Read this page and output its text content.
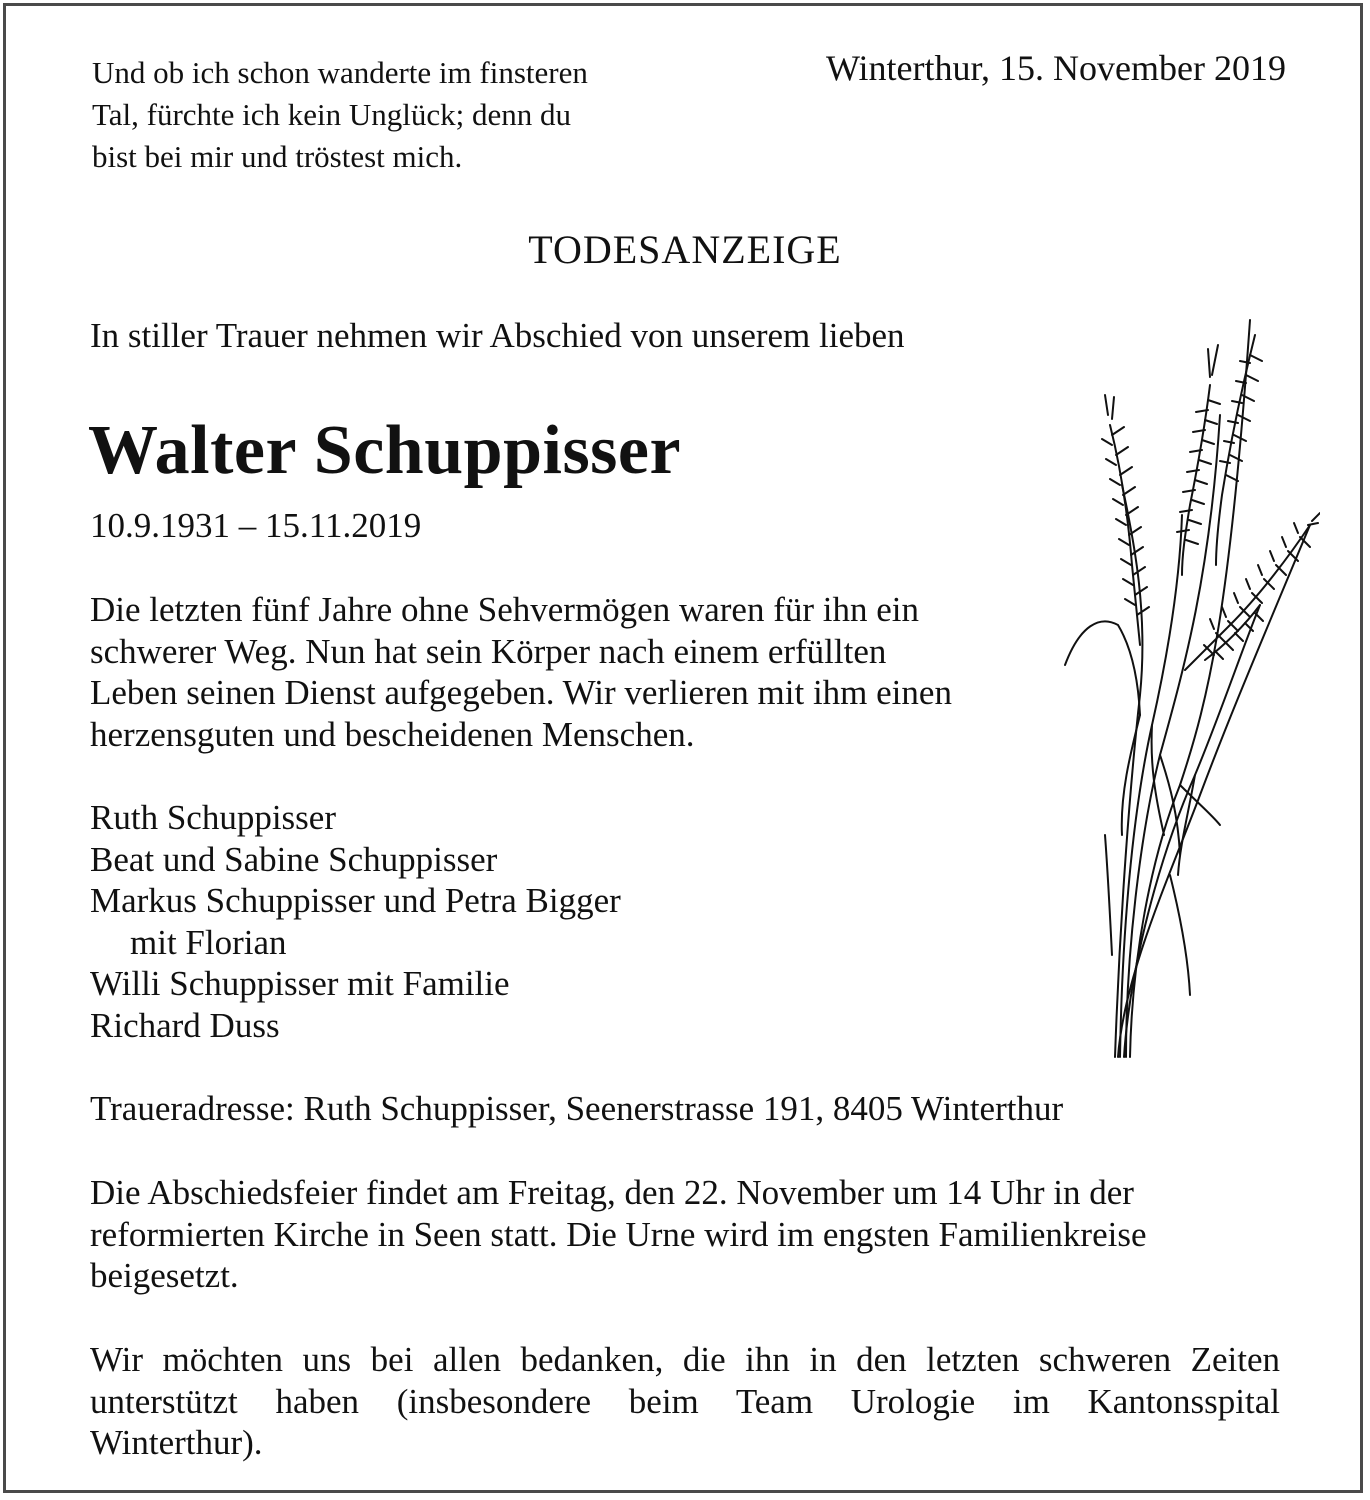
Und ob ich schon wanderte im finsteren
Tal, fürchte ich kein Unglück; denn du
bist bei mir und tröstest mich.
Winterthur, 15. November 2019
TODESANZEIGE
In stiller Trauer nehmen wir Abschied von unserem lieben
Walter Schuppisser
10.9.1931 – 15.11.2019
Die letzten fünf Jahre ohne Sehvermögen waren für ihn ein
schwerer Weg. Nun hat sein Körper nach einem erfüllten
Leben seinen Dienst aufgegeben. Wir verlieren mit ihm einen
herzensguten und bescheidenen Menschen.
Ruth Schuppisser
Beat und Sabine Schuppisser
Markus Schuppisser und Petra Bigger
mit Florian
Willi Schuppisser mit Familie
Richard Duss
Traueradresse: Ruth Schuppisser, Seenerstrasse 191, 8405 Winterthur
Die Abschiedsfeier findet am Freitag, den 22. November um 14 Uhr in der
reformierten Kirche in Seen statt. Die Urne wird im engsten Familienkreise
beigesetzt.
Wir möchten uns bei allen bedanken, die ihn in den letzten schweren Zeiten
unterstützt haben (insbesondere beim Team Urologie im Kantonsspital
Winterthur).
